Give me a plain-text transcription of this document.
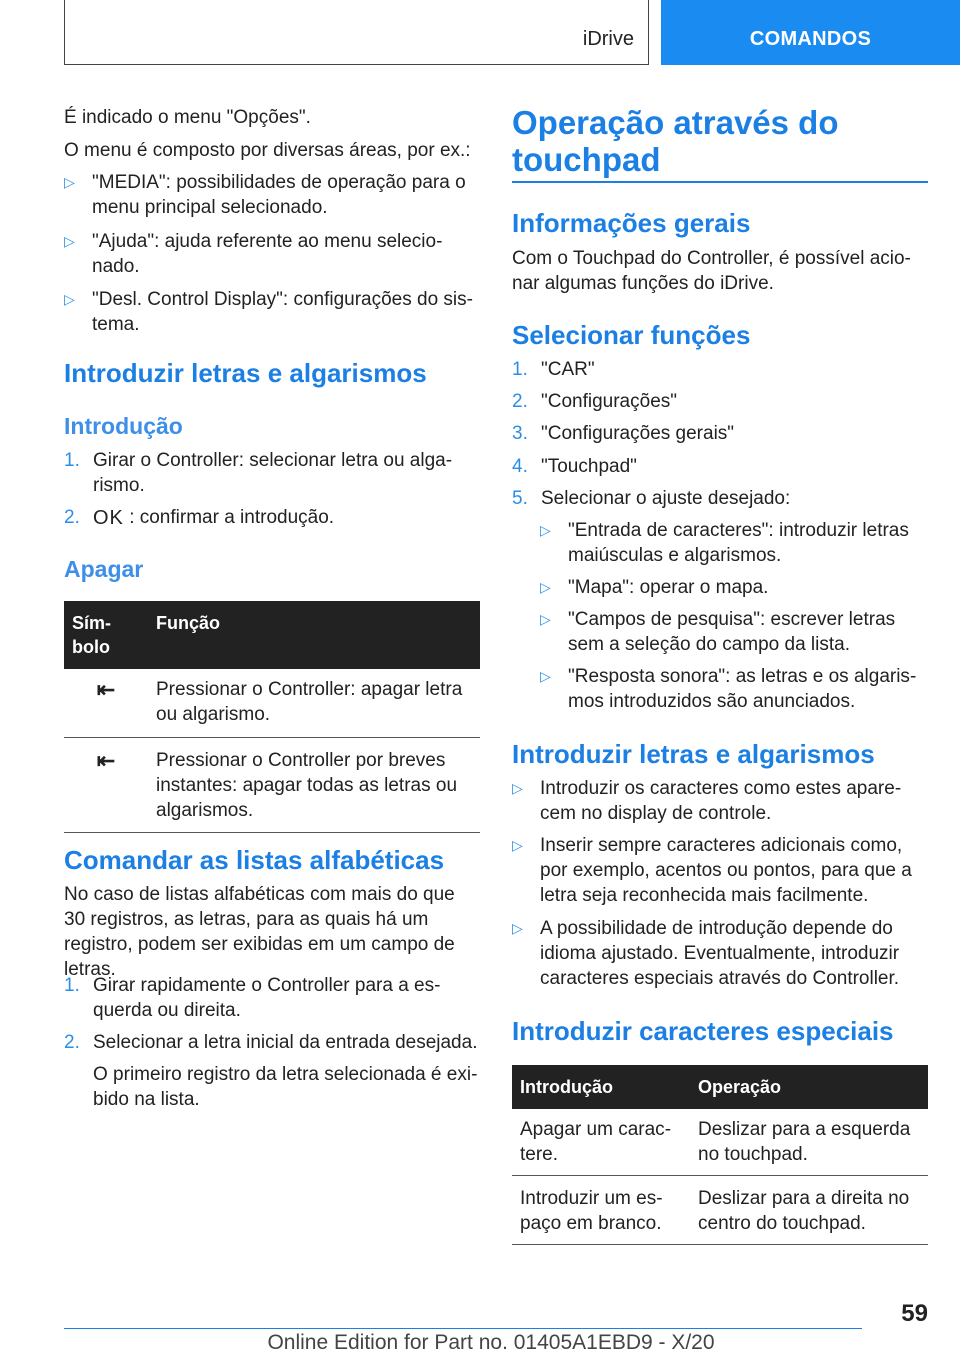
iDrive	COMANDOS
É indicado o menu "Opções".
O menu é composto por diversas áreas, por ex.:
▷ "MEDIA": possibilidades de operação para o menu principal selecionado.
▷ "Ajuda": ajuda referente ao menu selecionado.
▷ "Desl. Control Display": configurações do sistema.
Introduzir letras e algarismos
Introdução
1. Girar o Controller: selecionar letra ou algarismo.
2. OK : confirmar a introdução.
Apagar
Símbolo	Função
⇤	Pressionar o Controller: apagar letra ou algarismo.
⇤	Pressionar o Controller por breves instantes: apagar todas as letras ou algarismos.
Comandar as listas alfabéticas
No caso de listas alfabéticas com mais do que 30 registros, as letras, para as quais há um registro, podem ser exibidas em um campo de letras.
1. Girar rapidamente o Controller para a esquerda ou direita.
2. Selecionar a letra inicial da entrada desejada.
O primeiro registro da letra selecionada é exibido na lista.
Operação através do touchpad
Informações gerais
Com o Touchpad do Controller, é possível acionar algumas funções do iDrive.
Selecionar funções
1. "CAR"
2. "Configurações"
3. "Configurações gerais"
4. "Touchpad"
5. Selecionar o ajuste desejado:
▷ "Entrada de caracteres": introduzir letras maiúsculas e algarismos.
▷ "Mapa": operar o mapa.
▷ "Campos de pesquisa": escrever letras sem a seleção do campo da lista.
▷ "Resposta sonora": as letras e os algarismos introduzidos são anunciados.
Introduzir letras e algarismos
▷ Introduzir os caracteres como estes aparecem no display de controle.
▷ Inserir sempre caracteres adicionais como, por exemplo, acentos ou pontos, para que a letra seja reconhecida mais facilmente.
▷ A possibilidade de introdução depende do idioma ajustado. Eventualmente, introduzir caracteres especiais através do Controller.
Introduzir caracteres especiais
Introdução	Operação
Apagar um caractere.	Deslizar para a esquerda no touchpad.
Introduzir um espaço em branco.	Deslizar para a direita no centro do touchpad.
59
Online Edition for Part no. 01405A1EBD9 - X/20
